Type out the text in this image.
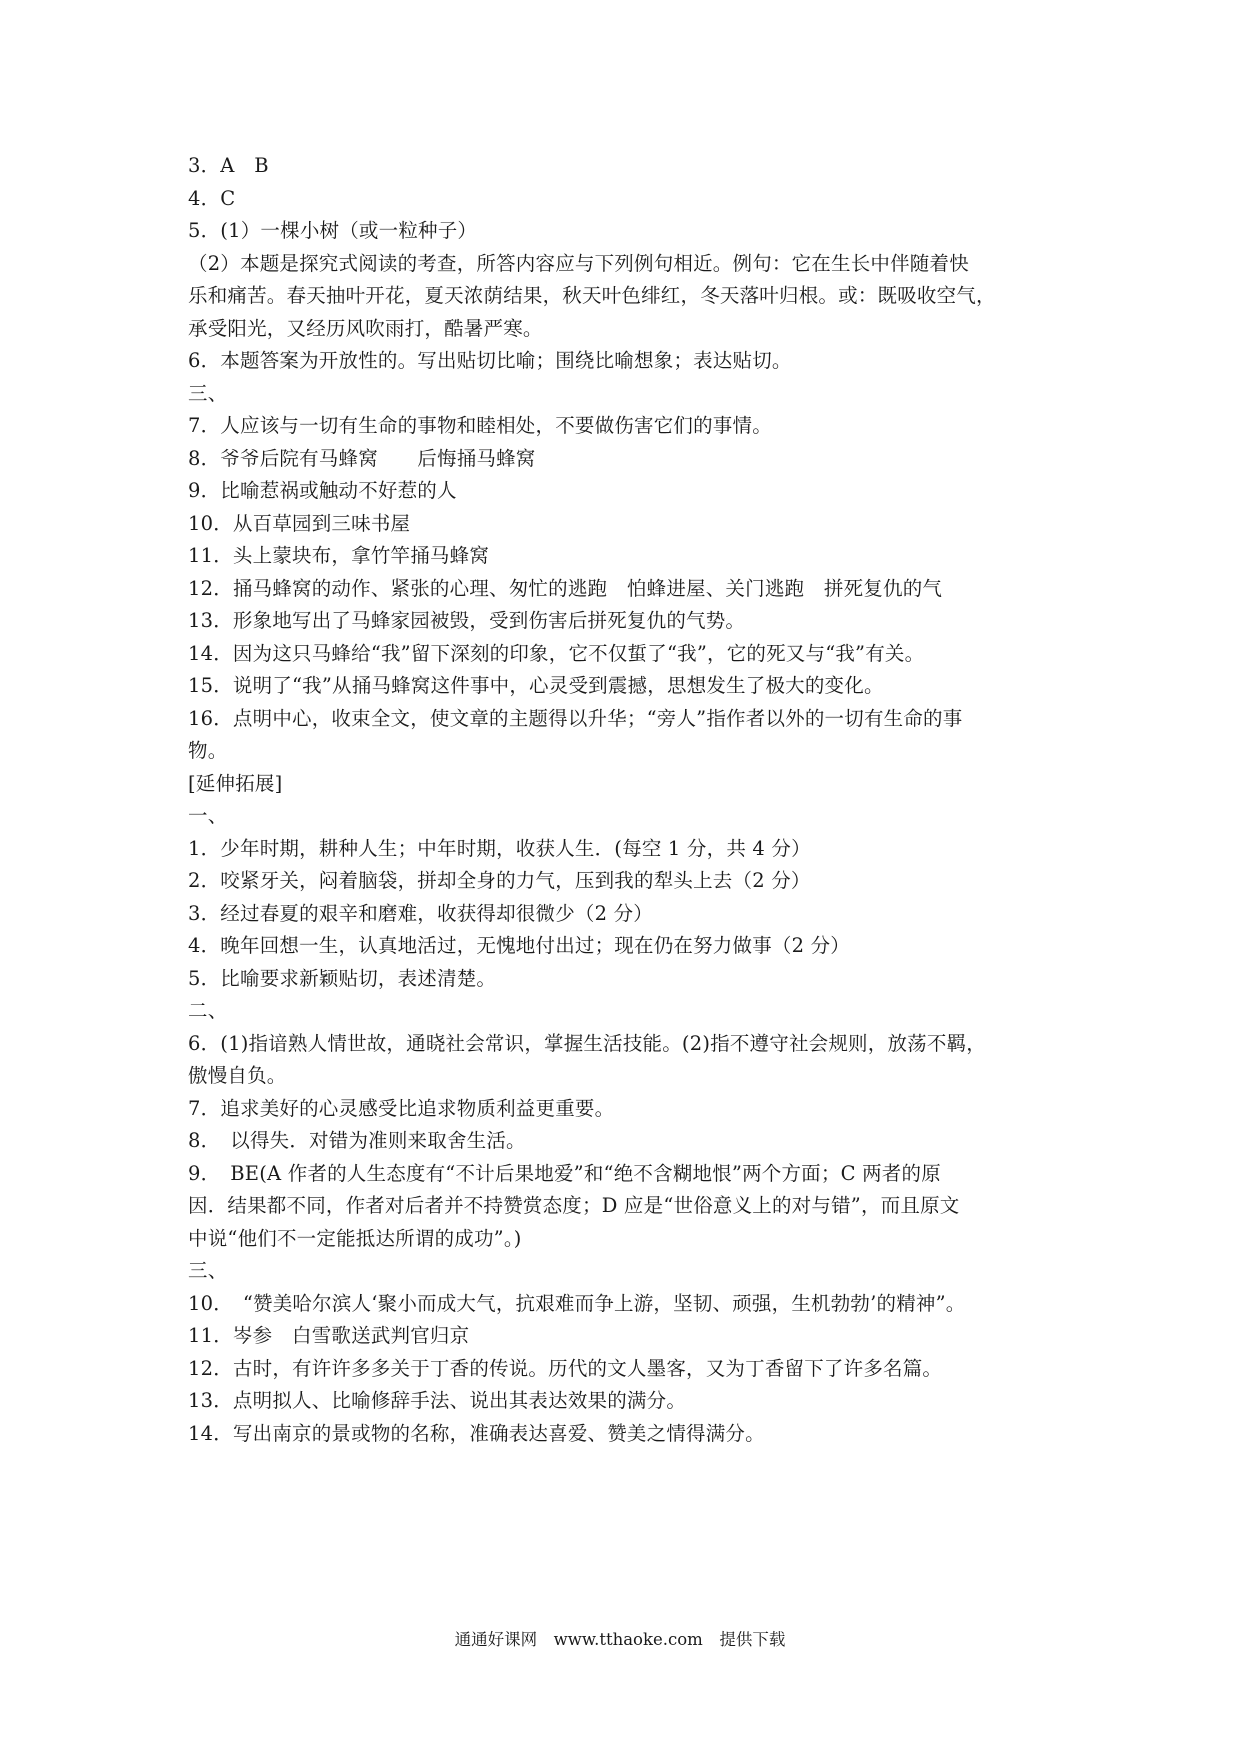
3．A　B
4．C
5．(1）一棵小树（或一粒种子）
（2）本题是探究式阅读的考查，所答内容应与下列例句相近。例句：它在生长中伴随着快
乐和痛苦。春天抽叶开花，夏天浓荫结果，秋天叶色绯红，冬天落叶归根。或：既吸收空气，
承受阳光，又经历风吹雨打，酷暑严寒。
6．本题答案为开放性的。写出贴切比喻；围绕比喻想象；表达贴切。
三、
7．人应该与一切有生命的事物和睦相处，不要做伤害它们的事情。
8．爷爷后院有马蜂窝　　后悔捅马蜂窝
9．比喻惹祸或触动不好惹的人
10．从百草园到三味书屋
11．头上蒙块布，拿竹竿捅马蜂窝
12．捅马蜂窝的动作、紧张的心理、匆忙的逃跑　怕蜂进屋、关门逃跑　拼死复仇的气
13．形象地写出了马蜂家园被毁，受到伤害后拼死复仇的气势。
14．因为这只马蜂给“我”留下深刻的印象，它不仅蜇了“我”，它的死又与“我”有关。
15．说明了“我”从捅马蜂窝这件事中，心灵受到震撼，思想发生了极大的变化。
16．点明中心，收束全文，使文章的主题得以升华；“旁人”指作者以外的一切有生命的事
物。
[延伸拓展]
一、
1．少年时期，耕种人生；中年时期，收获人生．(每空 1 分，共 4 分）
2．咬紧牙关，闷着脑袋，拼却全身的力气，压到我的犁头上去（2 分）
3．经过春夏的艰辛和磨难，收获得却很微少（2 分）
4．晚年回想一生，认真地活过，无愧地付出过；现在仍在努力做事（2 分）
5．比喻要求新颖贴切，表述清楚。
二、
6．(1)指谙熟人情世故，通晓社会常识，掌握生活技能。(2)指不遵守社会规则，放荡不羁，
傲慢自负。
7．追求美好的心灵感受比追求物质利益更重要。
8．　以得失．对错为准则来取舍生活。
9．　BE(A 作者的人生态度有“不计后果地爱”和“绝不含糊地恨”两个方面；C 两者的原
因．结果都不同，作者对后者并不持赞赏态度；D 应是“世俗意义上的对与错”，而且原文
中说“他们不一定能抵达所谓的成功”。)
三、
10．　“赞美哈尔滨人‘聚小而成大气，抗艰难而争上游，坚韧、顽强，生机勃勃’的精神”。
11．岑参　白雪歌送武判官归京
12．古时，有许许多多关于丁香的传说。历代的文人墨客，又为丁香留下了许多名篇。
13．点明拟人、比喻修辞手法、说出其表达效果的满分。
14．写出南京的景或物的名称，准确表达喜爱、赞美之情得满分。
通通好课网　www.tthaoke.com　提供下载
